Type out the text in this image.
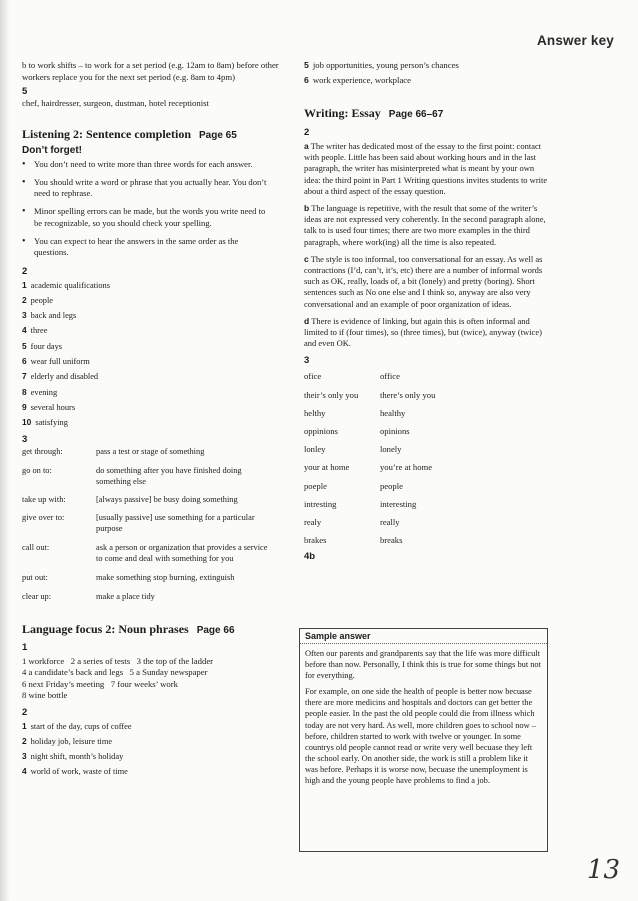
Answer key
b to work shifts – to work for a set period (e.g. 12am to 8am) before other workers replace you for the next set period (e.g. 8am to 4pm)
5
chef, hairdresser, surgeon, dustman, hotel receptionist
Listening 2: Sentence completion Page 65
Don’t forget!
• You don’t need to write more than three words for each answer.
• You should write a word or phrase that you actually hear. You don’t need to rephrase.
• Minor spelling errors can be made, but the words you write need to be recognizable, so you should check your spelling.
• You can expect to hear the answers in the same order as the questions.
2
1 academic qualifications
2 people
3 back and legs
4 three
5 four days
6 wear full uniform
7 elderly and disabled
8 evening
9 several hours
10 satisfying
3
get through:	pass a test or stage of something
go on to:	do something after you have finished doing something else
take up with:	[always passive] be busy doing something
give over to:	[usually passive] use something for a particular purpose
call out:	ask a person or organization that provides a service to come and deal with something for you
put out:	make something stop burning, extinguish
clear up:	make a place tidy
Language focus 2: Noun phrases Page 66
1
1 workforce   2 a series of tests   3 the top of the ladder
4 a candidate’s back and legs   5 a Sunday newspaper
6 next Friday’s meeting   7 four weeks’ work
8 wine bottle
2
1 start of the day, cups of coffee
2 holiday job, leisure time
3 night shift, month’s holiday
4 world of work, waste of time
5 job opportunities, young person’s chances
6 work experience, workplace
Writing: Essay Page 66–67
2
a The writer has dedicated most of the essay to the first point: contact with people. Little has been said about working hours and in the last paragraph, the writer has misinterpreted what is meant by your own idea: the third point in Part 1 Writing questions invites students to write about a third aspect of the essay question.
b The language is repetitive, with the result that some of the writer’s ideas are not expressed very coherently. In the second paragraph alone, talk to is used four times; there are two more examples in the third paragraph, where work(ing) all the time is also repeated.
c The style is too informal, too conversational for an essay. As well as contractions (I’d, can’t, it’s, etc) there are a number of informal words such as OK, really, loads of, a bit (lonely) and pretty (boring). Short sentences such as No one else and I think so, anyway are also very conversational and an example of poor organization of ideas.
d There is evidence of linking, but again this is often informal and limited to if (four times), so (three times), but (twice), anyway (twice) and even OK.
3
ofice	office
their’s only you	there’s only you
helthy	healthy
oppinions	opinions
lonley	lonely
your at home	you’re at home
poeple	people
intresting	interesting
realy	really
brakes	breaks
4b
Sample answer

Often our parents and grandparents say that the life was more difficult before than now. Personally, I think this is true for some things but not for everything.

For example, on one side the health of people is better now becuase there are more medicins and hospitals and doctors can get better the people easier. In the past the old people could die from illness which today are not very hard. As well, more children goes to school now – before, children started to work with twelve or younger. In some countrys old people cannot read or write very well becuase they left the school early. On another side, the work is still a problem like it was before. Perhaps it is worse now, becuase the unemployment is high and the young people have problems to find a job.

13
